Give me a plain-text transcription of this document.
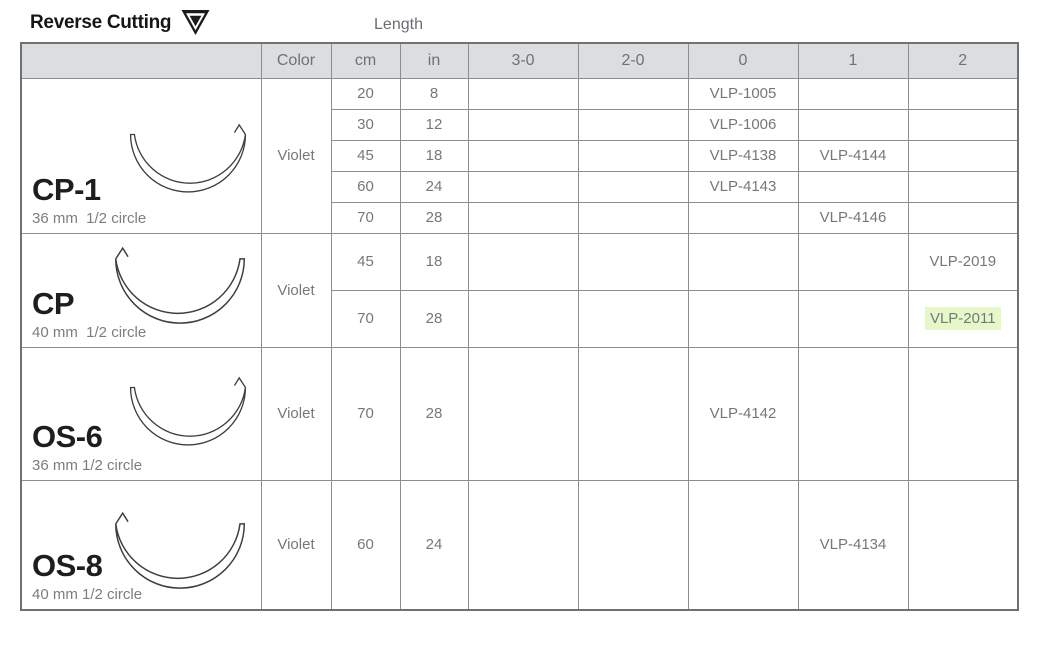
Reverse Cutting	Length
	Color	cm	in	3-0	2-0	0	1	2

CP-1
36 mm  1/2 circle	Violet	20	8			VLP-1005		
		30	12			VLP-1006		
		45	18			VLP-4138	VLP-4144	
		60	24			VLP-4143		
		70	28				VLP-4146	

CP
40 mm  1/2 circle	Violet	45	18					VLP-2019
		70	28					VLP-2011

OS-6
36 mm 1/2 circle	Violet	70	28			VLP-4142		

OS-8
40 mm 1/2 circle	Violet	60	24				VLP-4134	
